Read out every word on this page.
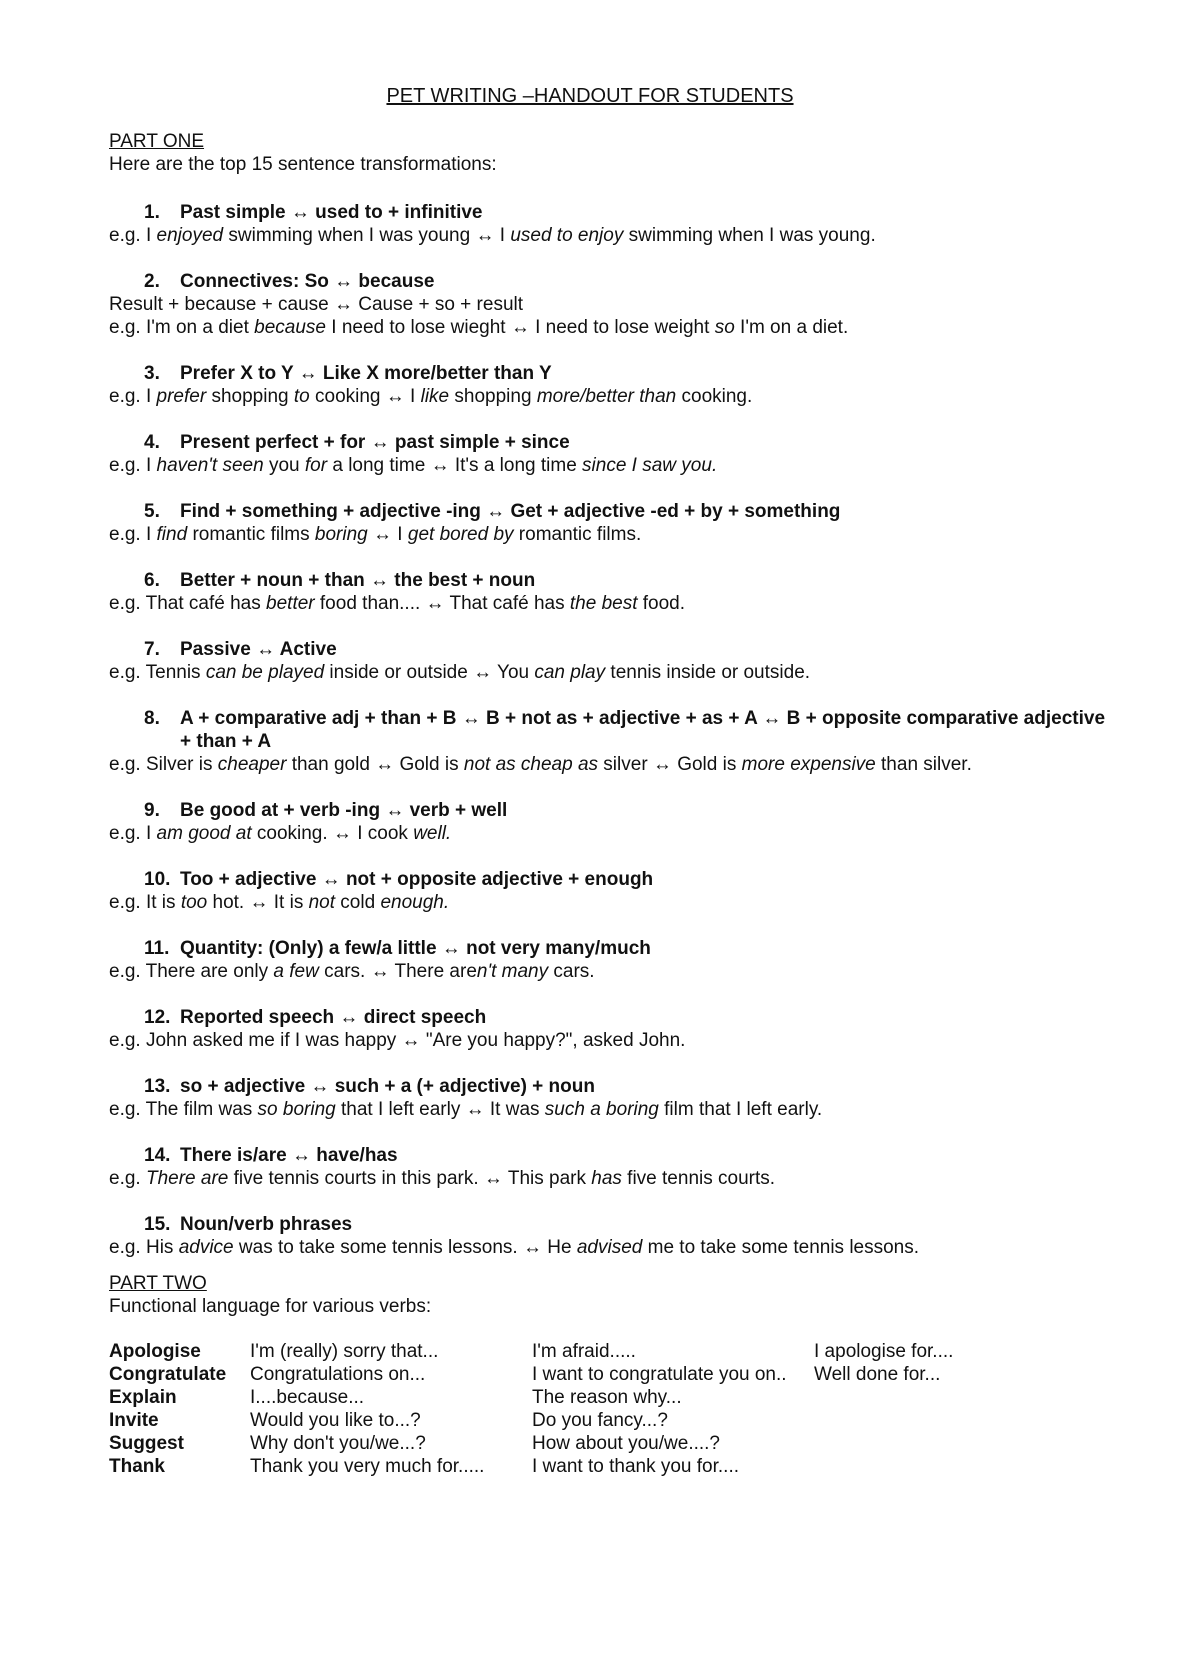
PET WRITING –HANDOUT FOR STUDENTS
PART ONE
Here are the top 15 sentence transformations:
1.	Past simple ↔ used to + infinitive
e.g. I enjoyed swimming when I was young ↔ I used to enjoy swimming when I was young.
2.	Connectives: So ↔ because
Result + because + cause ↔ Cause + so + result
e.g. I'm on a diet because I need to lose wieght ↔ I need to lose weight so I'm on a diet.
3.	Prefer X to Y ↔ Like X more/better than Y
e.g. I prefer shopping to cooking ↔ I like shopping more/better than cooking.
4.	Present perfect + for ↔ past simple + since
e.g. I haven't seen you for a long time ↔ It's a long time since I saw you.
5.	Find + something + adjective -ing ↔ Get + adjective -ed + by + something
e.g. I find romantic films boring ↔ I get bored by romantic films.
6.	Better + noun + than ↔ the best + noun
e.g. That café has better food than.... ↔ That café has the best food.
7.	Passive ↔ Active
e.g. Tennis can be played inside or outside ↔ You can play tennis inside or outside.
8.	A + comparative adj + than + B ↔ B + not as + adjective + as + A ↔ B + opposite comparative adjective + than + A
e.g. Silver is cheaper than gold ↔ Gold is not as cheap as silver ↔ Gold is more expensive than silver.
9.	Be good at + verb -ing ↔ verb + well
e.g. I am good at cooking. ↔ I cook well.
10. Too + adjective ↔ not + opposite adjective + enough
e.g. It is too hot. ↔ It is not cold enough.
11. Quantity: (Only) a few/a little ↔ not very many/much
e.g. There are only a few cars. ↔ There aren't many cars.
12. Reported speech ↔ direct speech
e.g. John asked me if I was happy ↔ "Are you happy?", asked John.
13. so + adjective ↔ such + a (+ adjective) + noun
e.g. The film was so boring that I left early ↔ It was such a boring film that I left early.
14. There is/are ↔ have/has
e.g. There are five tennis courts in this park. ↔ This park has five tennis courts.
15. Noun/verb phrases
e.g. His advice was to take some tennis lessons. ↔ He advised me to take some tennis lessons.
PART TWO
Functional language for various verbs:
Apologise	I'm (really) sorry that...	I'm afraid.....	I apologise for....
Congratulate	Congratulations on...	I want to congratulate you on..	Well done for...
Explain	I....because...	The reason why...	
Invite	Would you like to...?	Do you fancy...?	
Suggest	Why don't you/we...?	How about you/we....?	
Thank	Thank you very much for.....	I want to thank you for....	
